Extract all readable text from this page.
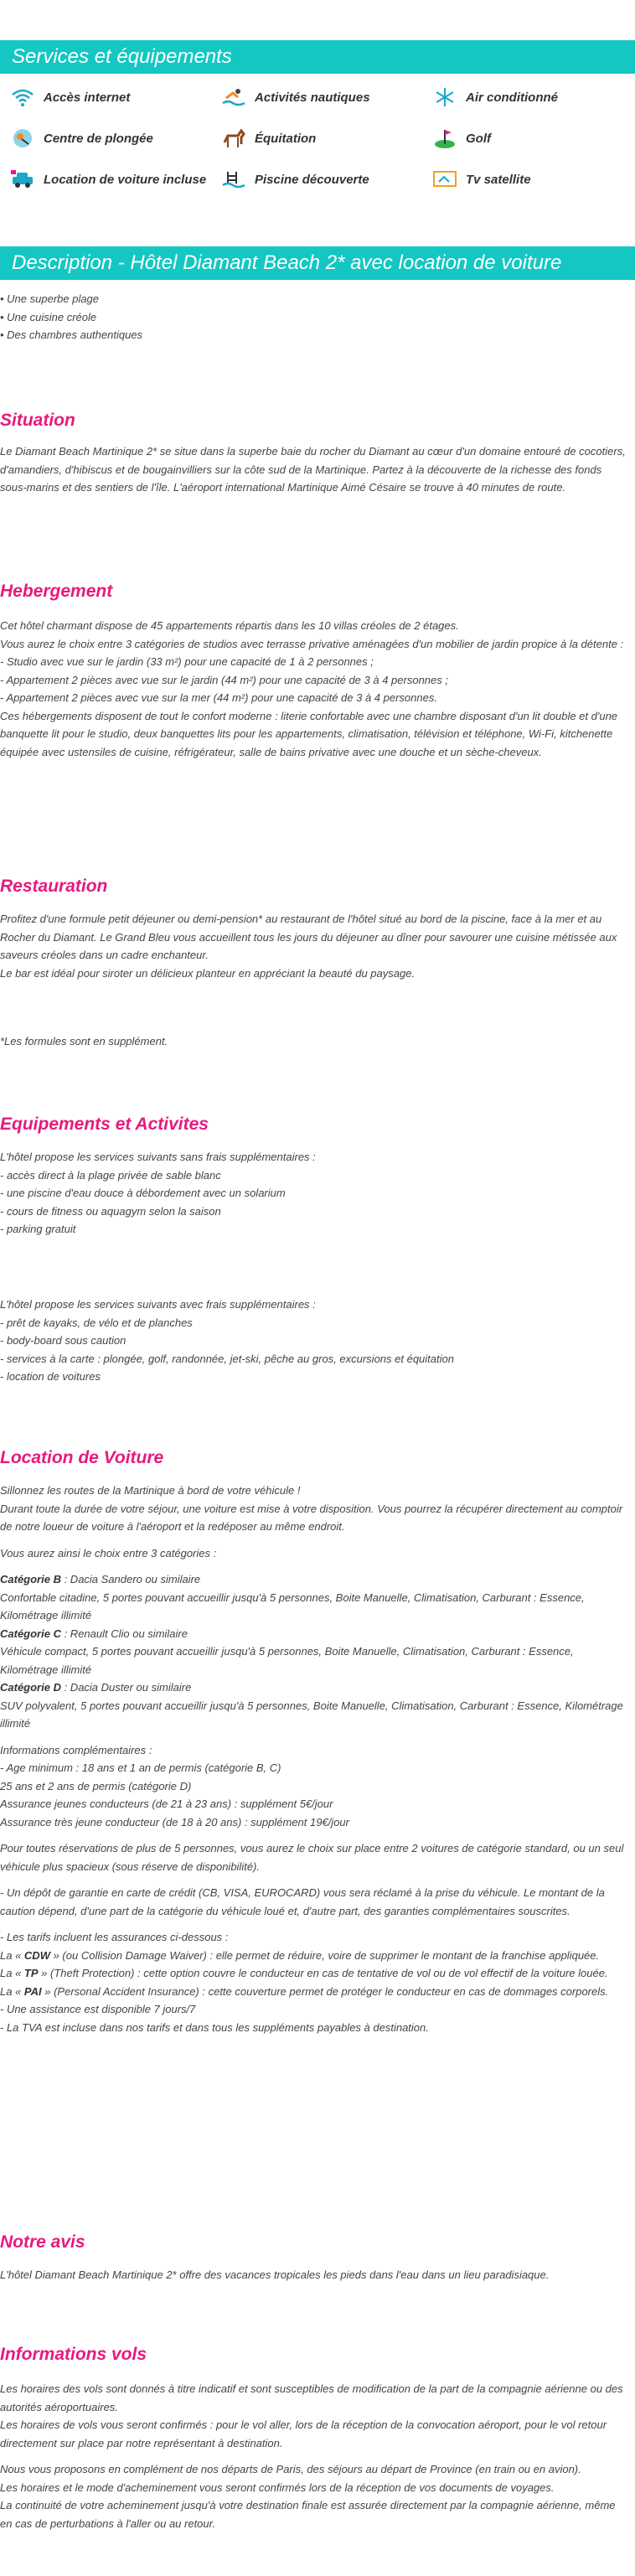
Services et équipements
Accès internet	Activités nautiques	Air conditionné
Centre de plongée	Équitation	Golf
Location de voiture incluse	Piscine découverte	Tv satellite
Description - Hôtel Diamant Beach 2* avec location de voiture

• Une superbe plage

• Une cuisine créole

• Des chambres authentiques

Situation

Le Diamant Beach Martinique 2* se situe dans la superbe baie du rocher du Diamant au cœur d'un domaine entouré de cocotiers, d'amandiers, d'hibiscus et de bougainvilliers sur la côte sud de la Martinique. Partez à la découverte de la richesse des fonds sous-marins et des sentiers de l'île. L'aéroport international Martinique Aimé Césaire se trouve à 40 minutes de route.

Hebergement

Cet hôtel charmant dispose de 45 appartements répartis dans les 10 villas créoles de 2 étages.

Vous aurez le choix entre 3 catégories de studios avec terrasse privative aménagées d'un mobilier de jardin propice à la détente :

- Studio avec vue sur le jardin (33 m²) pour une capacité de 1 à 2 personnes ;

- Appartement 2 pièces avec vue sur le jardin (44 m²) pour une capacité de 3 à 4 personnes ;

- Appartement 2 pièces avec vue sur la mer (44 m²) pour une capacité de 3 à 4 personnes.

Ces hébergements disposent de tout le confort moderne : literie confortable avec une chambre disposant d'un lit double et d'une banquette lit pour le studio, deux banquettes lits pour les appartements, climatisation, télévision et téléphone, Wi-Fi, kitchenette équipée avec ustensiles de cuisine, réfrigérateur, salle de bains privative avec une douche et un sèche-cheveux.

Restauration

Profitez d'une formule petit déjeuner ou demi-pension* au restaurant de l'hôtel situé au bord de la piscine, face à la mer et au Rocher du Diamant. Le Grand Bleu vous accueillent tous les jours du déjeuner au dîner pour savourer une cuisine métissée aux saveurs créoles dans un cadre enchanteur.

Le bar est idéal pour siroter un délicieux planteur en appréciant la beauté du paysage.

*Les formules sont en supplément.
Equipements et Activites

L'hôtel propose les services suivants sans frais supplémentaires :

- accès direct à la plage privée de sable blanc

- une piscine d'eau douce à débordement avec un solarium

- cours de fitness ou aquagym selon la saison

- parking gratuit

L'hôtel propose les services suivants avec frais supplémentaires :

- prêt de kayaks, de vélo et de planches

- body-board sous caution

- services à la carte : plongée, golf, randonnée, jet-ski, pêche au gros, excursions et équitation

- location de voitures

Location de Voiture

Sillonnez les routes de la Martinique à bord de votre véhicule !

Durant toute la durée de votre séjour, une voiture est mise à votre disposition. Vous pourrez la récupérer directement au comptoir de notre loueur de voiture à l'aéroport et la redéposer au même endroit.

Vous aurez ainsi le choix entre 3 catégories :

Catégorie B : Dacia Sandero ou similaire

Confortable citadine, 5 portes pouvant accueillir jusqu'à 5 personnes, Boite Manuelle, Climatisation, Carburant : Essence, Kilométrage illimité

Catégorie C : Renault Clio ou similaire

Véhicule compact, 5 portes pouvant accueillir jusqu'à 5 personnes, Boite Manuelle, Climatisation, Carburant : Essence, Kilométrage illimité

Catégorie D : Dacia Duster ou similaire

SUV polyvalent, 5 portes pouvant accueillir jusqu'à 5 personnes, Boite Manuelle, Climatisation, Carburant : Essence, Kilométrage illimité

Informations complémentaires :

- Age minimum : 18 ans et 1 an de permis (catégorie B, C)

25 ans et 2 ans de permis (catégorie D)

Assurance jeunes conducteurs (de 21 à 23 ans) : supplément 5€/jour

Assurance très jeune conducteur (de 18 à 20 ans) : supplément 19€/jour

Pour toutes réservations de plus de 5 personnes, vous aurez le choix sur place entre 2 voitures de catégorie standard, ou un seul véhicule plus spacieux (sous réserve de disponibilité).

- Un dépôt de garantie en carte de crédit (CB, VISA, EUROCARD) vous sera réclamé à la prise du véhicule. Le montant de la caution dépend, d'une part de la catégorie du véhicule loué et, d'autre part, des garanties complémentaires souscrites.

- Les tarifs incluent les assurances ci-dessous :

La « CDW » (ou Collision Damage Waiver) : elle permet de réduire, voire de supprimer le montant de la franchise appliquée.

La « TP » (Theft Protection) : cette option couvre le conducteur en cas de tentative de vol ou de vol effectif de la voiture louée.

La « PAI » (Personal Accident Insurance) : cette couverture permet de protéger le conducteur en cas de dommages corporels.

- Une assistance est disponible 7 jours/7

- La TVA est incluse dans nos tarifs et dans tous les suppléments payables à destination.

Notre avis
L'hôtel Diamant Beach Martinique 2* offre des vacances tropicales les pieds dans l'eau dans un lieu paradisiaque.
Informations vols

Les horaires des vols sont donnés à titre indicatif et sont susceptibles de modification de la part de la compagnie aérienne ou des autorités aéroportuaires.

Les horaires de vols vous seront confirmés : pour le vol aller, lors de la réception de la convocation aéroport, pour le vol retour directement sur place par notre représentant à destination.

Nous vous proposons en complément de nos départs de Paris, des séjours au départ de Province (en train ou en avion).

Les horaires et le mode d'acheminement vous seront confirmés lors de la réception de vos documents de voyages.

La continuité de votre acheminement jusqu'à votre destination finale est assurée directement par la compagnie aérienne, même en cas de perturbations à l'aller ou au retour.
